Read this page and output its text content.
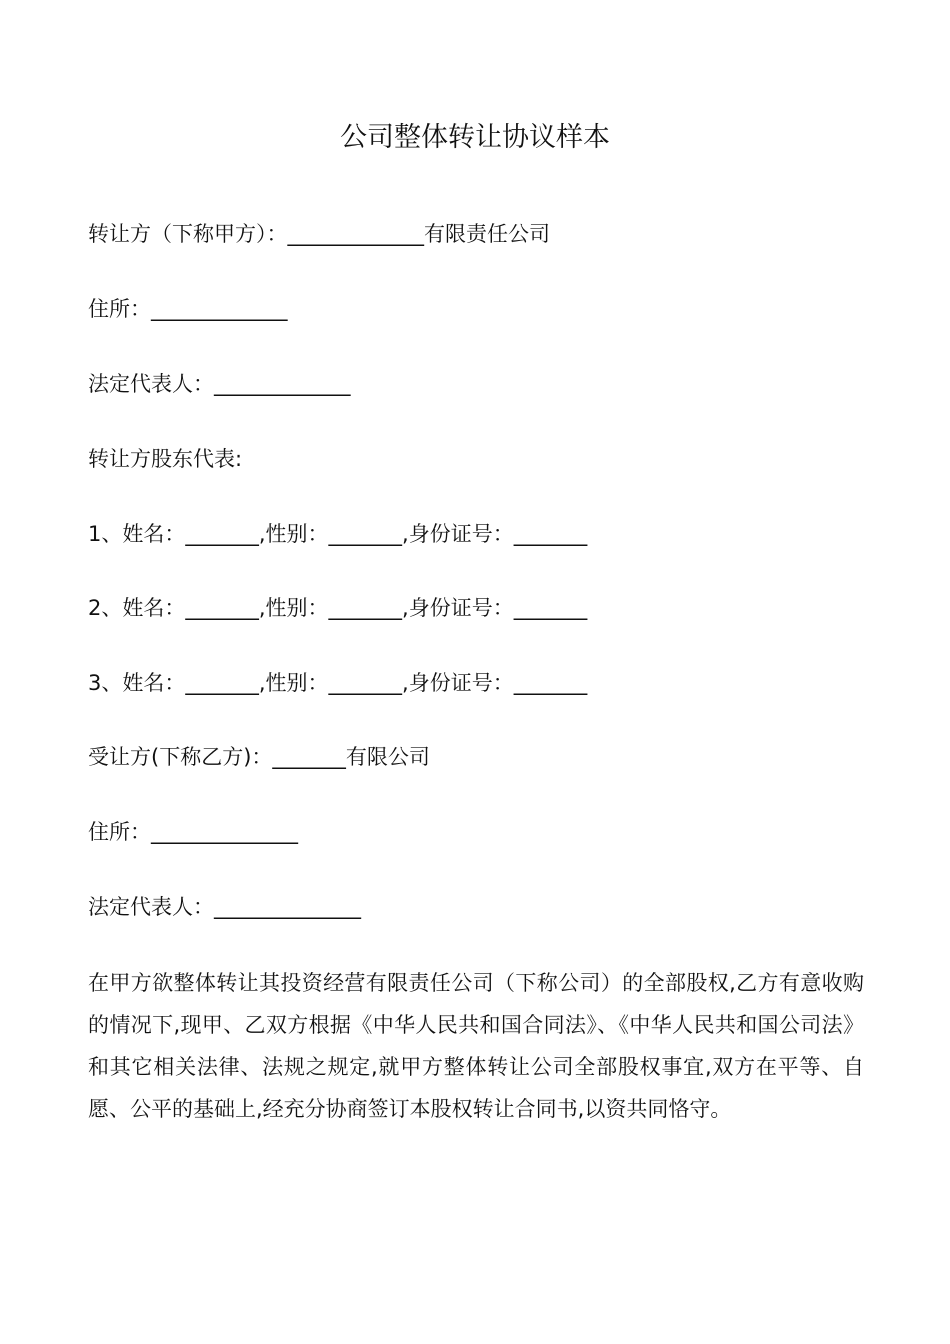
公司整体转让协议样本
转让方（下称甲方）：_____________有限责任公司
住所：_____________
法定代表人：_____________
转让方股东代表:
1、姓名：_______,性别：_______,身份证号：_______
2、姓名：_______,性别：_______,身份证号：_______
3、姓名：_______,性别：_______,身份证号：_______
受让方(下称乙方)：_______有限公司
住所：______________
法定代表人：______________
在甲方欲整体转让其投资经营有限责任公司（下称公司）的全部股权,乙方有意收购的情况下,现甲、乙双方根据《中华人民共和国合同法》、《中华人民共和国公司法》和其它相关法律、法规之规定,就甲方整体转让公司全部股权事宜,双方在平等、自愿、公平的基础上,经充分协商签订本股权转让合同书,以资共同恪守。
